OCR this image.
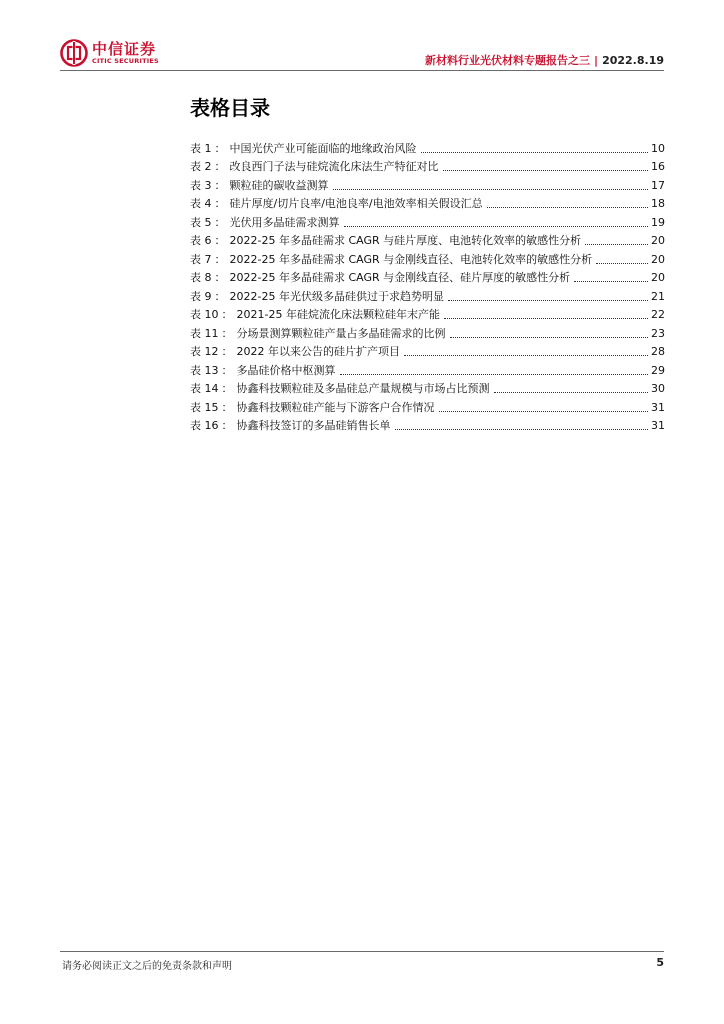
中信证券
CITIC SECURITIES	新材料行业光伏材料专题报告之三 | 2022.8.19
表格目录
表 1 ： 中国光伏产业可能面临的地缘政治风险	10
表 2 ： 改良西门子法与硅烷流化床法生产特征对比	16
表 3 ： 颗粒硅的碳收益测算	17
表 4 ： 硅片厚度/切片良率/电池良率/电池效率相关假设汇总	18
表 5 ： 光伏用多晶硅需求测算	19
表 6 ： 2022-25 年多晶硅需求 CAGR 与硅片厚度、电池转化效率的敏感性分析	20
表 7 ： 2022-25 年多晶硅需求 CAGR 与金刚线直径、电池转化效率的敏感性分析	20
表 8 ： 2022-25 年多晶硅需求 CAGR 与金刚线直径、硅片厚度的敏感性分析	20
表 9 ： 2022-25 年光伏级多晶硅供过于求趋势明显	21
表 10 ： 2021-25 年硅烷流化床法颗粒硅年末产能	22
表 11 ： 分场景测算颗粒硅产量占多晶硅需求的比例	23
表 12 ： 2022 年以来公告的硅片扩产项目	28
表 13 ： 多晶硅价格中枢测算	29
表 14 ： 协鑫科技颗粒硅及多晶硅总产量规模与市场占比预测	30
表 15 ： 协鑫科技颗粒硅产能与下游客户合作情况	31
表 16 ： 协鑫科技签订的多晶硅销售长单	31
请务必阅读正文之后的免责条款和声明	5
